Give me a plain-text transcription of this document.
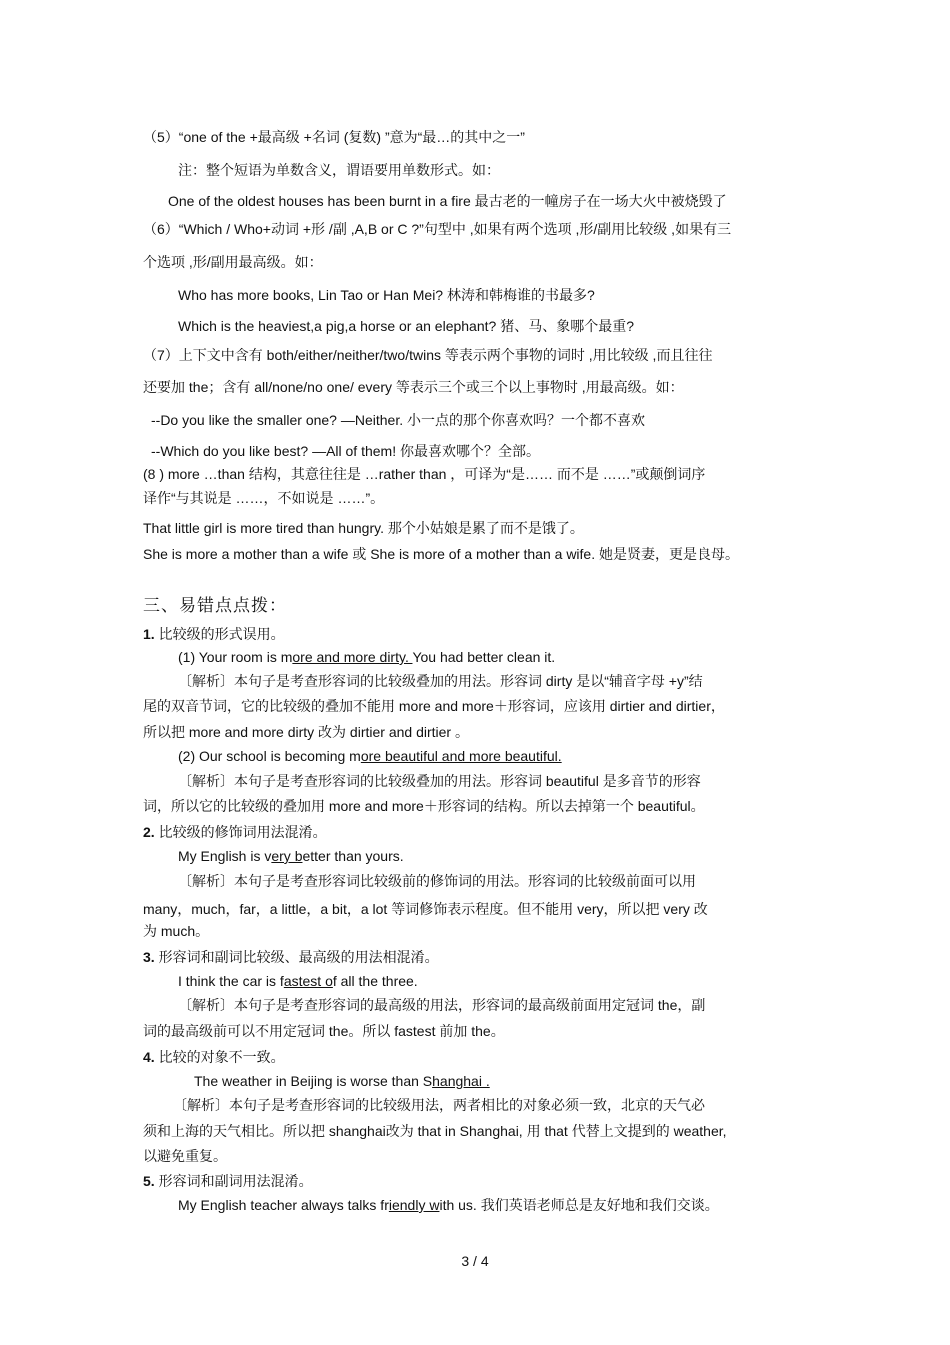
（5）“one of the +最高级 +名词 (复数) ”意为“最…的其中之一”
注：整个短语为单数含义，谓语要用单数形式。如：
One of the oldest houses has been burnt in a fire 最古老的一幢房子在一场大火中被烧毁了
（6）“Which / Who+动词 +形 /副 ,A,B or C ?”句型中 ,如果有两个选项 ,形/副用比较级 ,如果有三
个选项 ,形/副用最高级。如：
Who has more books, Lin Tao or Han Mei? 林涛和韩梅谁的书最多?
Which is the heaviest,a pig,a horse or an elephant? 猪、马、象哪个最重?
（7）上下文中含有 both/either/neither/two/twins 等表示两个事物的词时 ,用比较级 ,而且往往
还要加 the；含有 all/none/no one/ every 等表示三个或三个以上事物时 ,用最高级。如：
--Do you like the smaller one? —Neither. 小一点的那个你喜欢吗？一个都不喜欢
--Which do you like best? —All of them! 你最喜欢哪个？全部。
(8 ) more …than 结构，其意往往是 …rather than ，可译为“是…… 而不是 ……”或颠倒词序
译作“与其说是 ……，不如说是 ……”。
That little girl is more tired than hungry. 那个小姑娘是累了而不是饿了。
She is more a mother than a wife 或 She is more of a mother than a wife. 她是贤妻，更是良母。
三、易错点点拨：
1. 比较级的形式误用。
(1) Your room is more and more dirty. You had better clean it.
〔解析〕本句子是考查形容词的比较级叠加的用法。形容词 dirty 是以“辅音字母 +y”结
尾的双音节词，它的比较级的叠加不能用 more and more＋形容词，应该用 dirtier and dirtier，
所以把 more and more dirty 改为 dirtier and dirtier 。
(2) Our school is becoming more beautiful and more beautiful.
〔解析〕本句子是考查形容词的比较级叠加的用法。形容词 beautiful 是多音节的形容
词，所以它的比较级的叠加用 more and more＋形容词的结构。所以去掉第一个 beautiful。
2. 比较级的修饰词用法混淆。
My English is very better than yours.
〔解析〕本句子是考查形容词比较级前的修饰词的用法。形容词的比较级前面可以用
many，much，far，a little，a bit，a lot 等词修饰表示程度。但不能用 very，所以把 very 改
为 much。
3. 形容词和副词比较级、最高级的用法相混淆。
I think the car is fastest of all the three.
〔解析〕本句子是考查形容词的最高级的用法，形容词的最高级前面用定冠词 the，副
词的最高级前可以不用定冠词 the。所以 fastest 前加 the。
4. 比较的对象不一致。
The weather in Beijing is worse than Shanghai .
〔解析〕本句子是考查形容词的比较级用法，两者相比的对象必须一致，北京的天气必
须和上海的天气相比。所以把 shanghai改为 that in Shanghai, 用 that 代替上文提到的 weather,
以避免重复。
5. 形容词和副词用法混淆。
My English teacher always talks friendly with us. 我们英语老师总是友好地和我们交谈。
3 / 4
